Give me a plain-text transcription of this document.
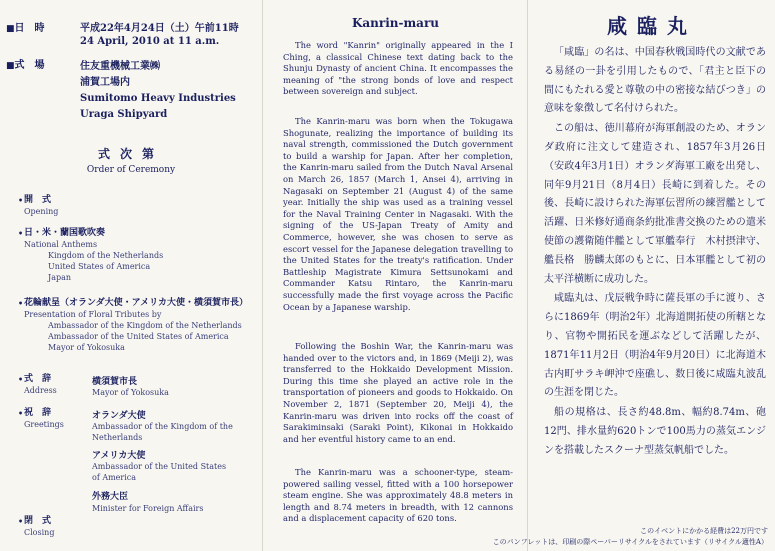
■日　時	平成22年4月24日（土）午前11時
24 April, 2010 at 11 a.m.
■式　場	住友重機械工業㈱
浦賀工場内
Sumitomo Heavy Industries
Uraga Shipyard
式次第
Order of Ceremony
• 開　式
Opening
• 日・米・蘭国歌吹奏
National Anthems
Kingdom of the Netherlands
United States of America
Japan
• 花輪献呈（オランダ大使・アメリカ大使・横須賀市長）
Presentation of Floral Tributes by
Ambassador of the Kingdom of the Netherlands
Ambassador of the United States of America
Mayor of Yokosuka
• 式　辞
Address
横須賀市長
Mayor of Yokosuka
• 祝　辞
Greetings
オランダ大使
Ambassador of the Kingdom of the
Netherlands
アメリカ大使
Ambassador of the United States
of America
外務大臣
Minister for Foreign Affairs
• 閉　式
Closing
Kanrin-maru

The word "Kanrin" originally appeared in the I Ching, a classical Chinese text dating back to the Shunju Dynasty of ancient China. It encompasses the meaning of "the strong bonds of love and respect between sovereign and subject.

The Kanrin-maru was born when the Tokugawa Shogunate, realizing the importance of building its naval strength, commissioned the Dutch government to build a warship for Japan. After her completion, the Kanrin-maru sailed from the Dutch Naval Arsenal on March 26, 1857 (March 1, Ansei 4), arriving in Nagasaki on September 21 (August 4) of the same year. Initially the ship was used as a training vessel for the Naval Training Center in Nagasaki. With the signing of the US-Japan Treaty of Amity and Commerce, however, she was chosen to serve as escort vessel for the Japanese delegation travelling to the United States for the treaty's ratification. Under Battleship Magistrate Kimura Settsunokami and Commander Katsu Rintaro, the Kanrin-maru successfully made the first voyage across the Pacific Ocean by a Japanese warship.

Following the Boshin War, the Kanrin-maru was handed over to the victors and, in 1869 (Meiji 2), was transferred to the Hokkaido Development Mission. During this time she played an active role in the transportation of pioneers and goods to Hokkaido. On November 2, 1871 (September 20, Meiji 4), the Kanrin-maru was driven into rocks off the coast of Sarakiminsaki (Saraki Point), Kikonai in Hokkaido and her eventful history came to an end.

The Kanrin-maru was a schooner-type, steam-powered sailing vessel, fitted with a 100 horsepower steam engine. She was approximately 48.8 meters in length and 8.74 meters in breadth, with 12 cannons and a displacement capacity of 620 tons.

咸臨丸

「咸臨」の名は、中国春秋戦国時代の文献である易経の一卦を引用したもので、「君主と臣下の間にもたれる愛と尊敬の中の密接な結びつき」の意味を象徴して名付けられた。

この船は、徳川幕府が海軍創設のため、オランダ政府に注文して建造され、1857年3月26日（安政4年3月1日）オランダ海軍工廠を出発し、同年9月21日（8月4日）長崎に到着した。その後、長崎に設けられた海軍伝習所の練習艦として活躍、日米修好通商条約批准書交換のための遣米使節の護衛随伴艦として軍艦奉行　木村摂津守、艦長格　勝麟太郎のもとに、日本軍艦として初の太平洋横断に成功した。

咸臨丸は、戊辰戦争時に薩長軍の手に渡り、さらに1869年（明治2年）北海道開拓使の所轄となり、官物や開拓民を運ぶなどして活躍したが、1871年11月2日（明治4年9月20日）に北海道木古内町サラキ岬沖で座礁し、数日後に咸臨丸波乱の生涯を閉じた。

船の規格は、長さ約48.8m、幅約8.74m、砲12門、排水量約620トンで100馬力の蒸気エンジンを搭載したスクーナ型蒸気帆船でした。

このイベントにかかる経費は22万円です
このパンフレットは、印刷の際ペーパーリサイクルをされています（リサイクル適性A）
